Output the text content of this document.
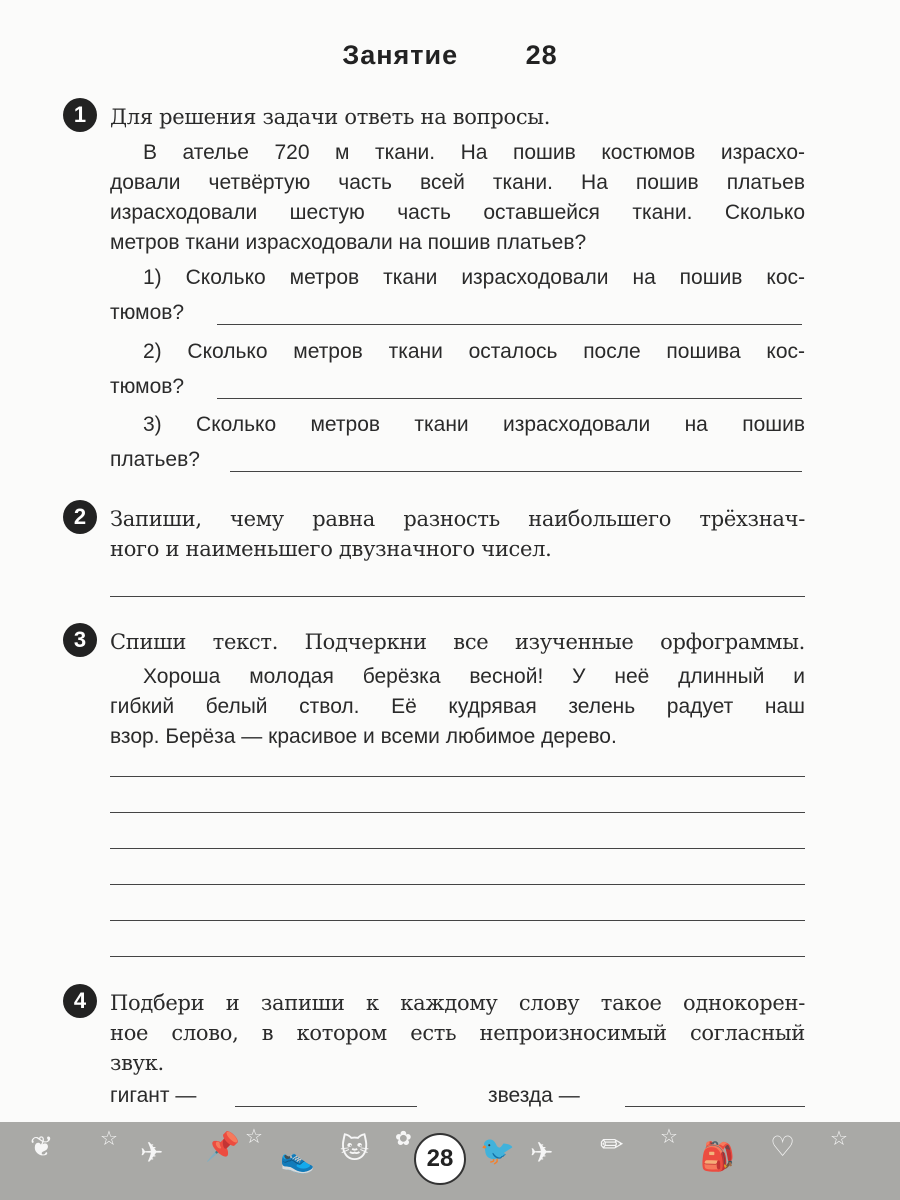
Занятие   28
1	Для решения задачи ответь на вопросы.
В ателье 720 м ткани. На пошив костюмов израсхо-
довали четвёртую часть всей ткани. На пошив платьев
израсходовали шестую часть оставшейся ткани. Сколько
метров ткани израсходовали на пошив платьев?
1) Сколько метров ткани израсходовали на пошив кос-
тюмов?
2) Сколько метров ткани осталось после пошива кос-
тюмов?
3) Сколько метров ткани израсходовали на пошив
платьев?
2	Запиши, чему равна разность наибольшего трёхзнач-
ного и наименьшего двузначного чисел.
3	Спиши текст. Подчеркни все изученные орфограммы.
Хороша молодая берёзка весной! У неё длинный и
гибкий белый ствол. Её кудрявая зелень радует наш
взор. Берёза — красивое и всеми любимое дерево.
4	Подбери и запиши к каждому слову такое однокорен-
ное слово, в котором есть непроизносимый согласный
звук.
гигант —	звезда —
❦ ☆ ✈ 📌 ☆
👟 🐱 ✿ 🐦 ✈ ✏ ☆
🎒 ♡ ☆
28
